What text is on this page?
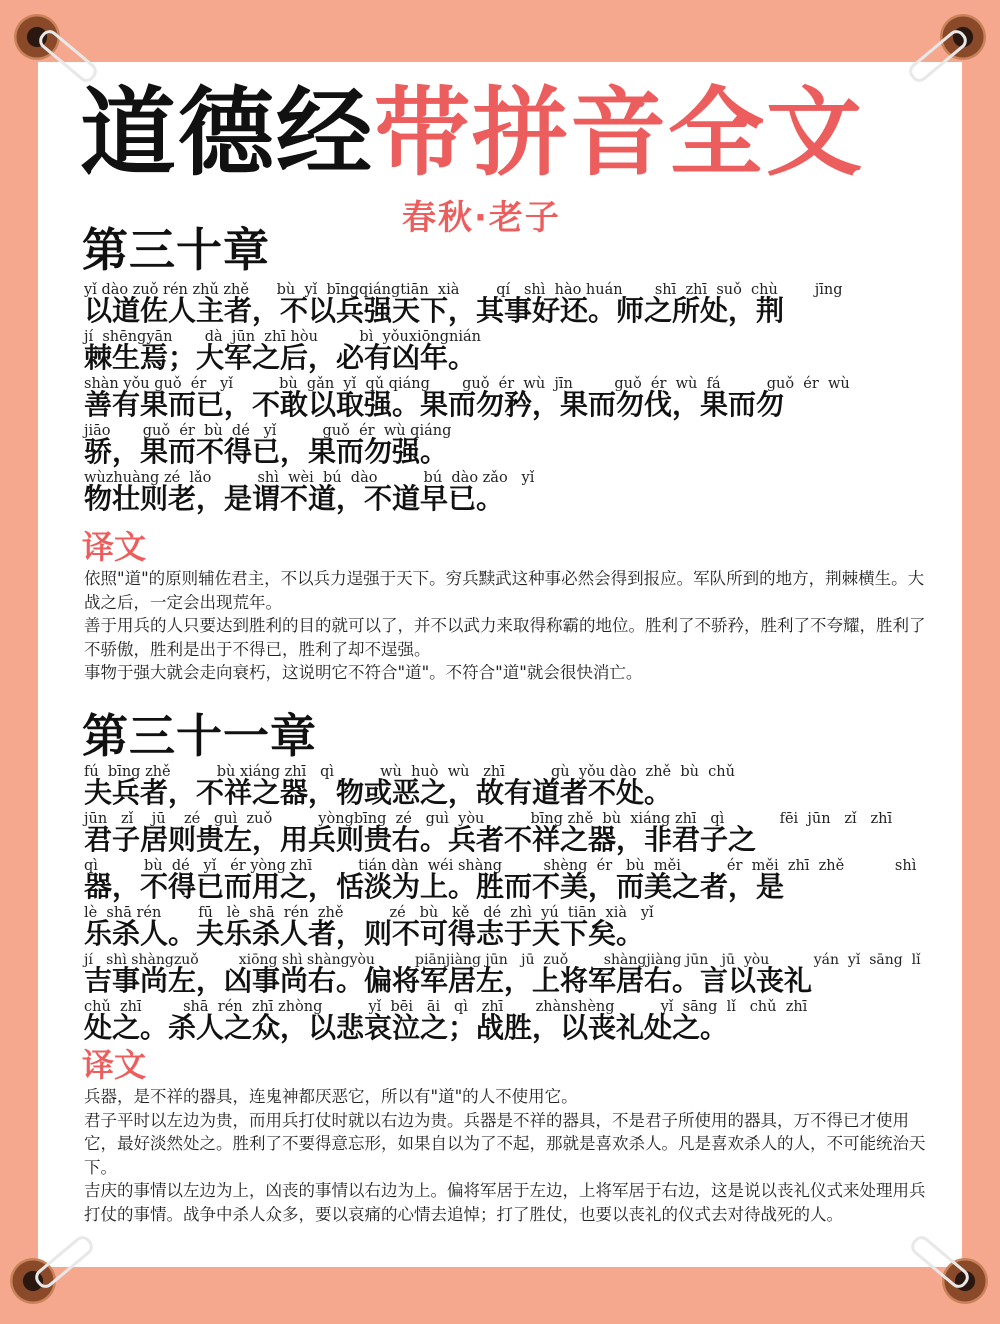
道德经带拼音全文
春秋·老子
第三十章
yǐ dào zuǒ rén zhǔ zhě      bù  yǐ  bīngqiángtiān  xià        qí   shì  hào huán       shī  zhī  suǒ  chù        jīng
以道佐人主者，不以兵强天下，其事好还。师之所处，荆
jí  shēngyān       dà  jūn  zhī hòu         bì  yǒuxiōngnián
棘生焉；大军之后，必有凶年。
shàn yǒu guǒ  ér   yǐ          bù  gǎn  yǐ  qǔ qiáng       guǒ  ér  wù  jīn         guǒ  ér  wù  fá          guǒ  ér  wù
善有果而已，不敢以取强。果而勿矜，果而勿伐，果而勿
jiāo       guǒ  ér  bù  dé   yǐ          guǒ  ér  wù qiáng
骄，果而不得已，果而勿强。
wùzhuàng zé  lǎo          shì  wèi  bú  dào          bú  dào zǎo   yǐ
物壮则老，是谓不道，不道早已。
译文

依照"道"的原则辅佐君主，不以兵力逞强于天下。穷兵黩武这种事必然会得到报应。军队所到的地方，荆棘横生。大战之后，一定会出现荒年。

善于用兵的人只要达到胜利的目的就可以了，并不以武力来取得称霸的地位。胜利了不骄矜，胜利了不夸耀，胜利了不骄傲，胜利是出于不得已，胜利了却不逞强。

事物于强大就会走向衰朽，这说明它不符合"道"。不符合"道"就会很快消亡。

第三十一章
fú  bīng zhě          bù xiáng zhī   qì          wù  huò  wù   zhī          gù  yǒu dào  zhě  bù  chǔ
夫兵者，不祥之器，物或恶之，故有道者不处。
jūn   zǐ    jū    zé   guì  zuǒ          yòngbīng  zé   guì  yòu          bīng zhě  bù  xiáng zhī   qì            fēi  jūn   zǐ   zhī
君子居则贵左，用兵则贵右。兵者不祥之器，非君子之
qì          bù  dé   yǐ   ér yòng zhī          tián dàn  wéi shàng         shèng  ér   bù  měi          ér  měi  zhī  zhě           shì
器，不得已而用之，恬淡为上。胜而不美，而美之者，是
lè  shā rén        fū   lè  shā  rén  zhě          zé   bù   kě   dé  zhì  yú  tiān  xià   yǐ
乐杀人。夫乐杀人者，则不可得志于天下矣。
jí   shì shàngzuǒ         xiōng shì shàngyòu         piānjiàng jūn   jū  zuǒ        shàngjiàng jūn   jū  yòu          yán  yǐ  sāng  lǐ
吉事尚左，凶事尚右。偏将军居左，上将军居右。言以丧礼
chǔ  zhī         shā  rén  zhī zhòng          yǐ  bēi   āi   qì   zhī       zhànshèng          yǐ  sāng  lǐ   chǔ  zhī
处之。杀人之众，以悲哀泣之；战胜，以丧礼处之。
译文

兵器，是不祥的器具，连鬼神都厌恶它，所以有"道"的人不使用它。

君子平时以左边为贵，而用兵打仗时就以右边为贵。兵器是不祥的器具，不是君子所使用的器具，万不得已才使用它，最好淡然处之。胜利了不要得意忘形，如果自以为了不起，那就是喜欢杀人。凡是喜欢杀人的人，不可能统治天下。

吉庆的事情以左边为上，凶丧的事情以右边为上。偏将军居于左边，上将军居于右边，这是说以丧礼仪式来处理用兵打仗的事情。战争中杀人众多，要以哀痛的心情去追悼；打了胜仗，也要以丧礼的仪式去对待战死的人。
